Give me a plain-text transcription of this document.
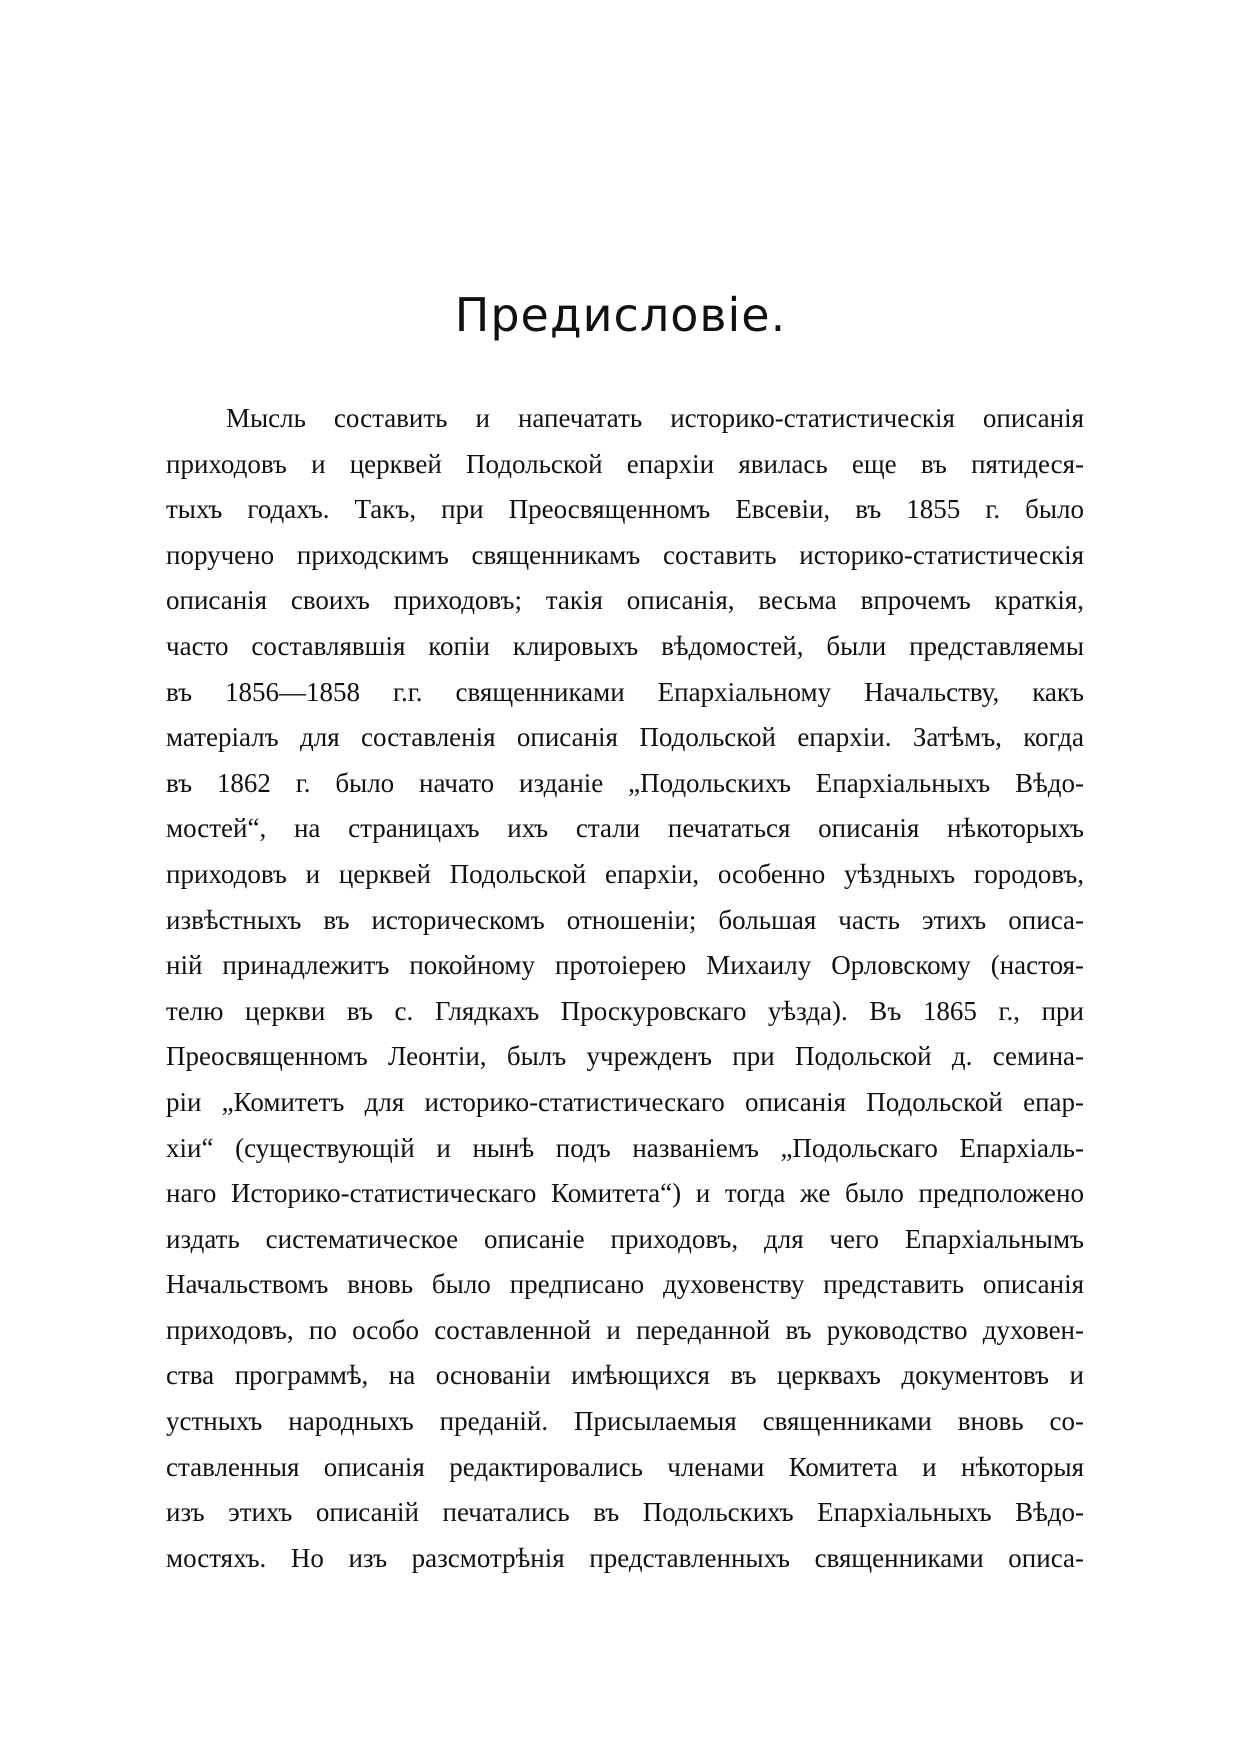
Предисловіе.
Мысль составить и напечатать историко-статистическія описанія
приходовъ и церквей Подольской епархіи явилась еще въ пятидеся-
тыхъ годахъ. Такъ, при Преосвященномъ Евсевіи, въ 1855 г. было
поручено приходскимъ священникамъ составить историко-статистическія
описанія своихъ приходовъ; такія описанія, весьма впрочемъ краткія,
часто составлявшія копіи клировыхъ вѣдомостей, были представляемы
въ 1856—1858 г.г. священниками Епархіальному Начальству, какъ
матеріалъ для составленія описанія Подольской епархіи. Затѣмъ, когда
въ 1862 г. было начато изданіе „Подольскихъ Епархіальныхъ Вѣдо-
мостей“, на страницахъ ихъ стали печататься описанія нѣкоторыхъ
приходовъ и церквей Подольской епархіи, особенно уѣздныхъ городовъ,
извѣстныхъ въ историческомъ отношеніи; большая часть этихъ описа-
ній принадлежитъ покойному протоіерею Михаилу Орловскому (настоя-
телю церкви въ с. Глядкахъ Проскуровскаго уѣзда). Въ 1865 г., при
Преосвященномъ Леонтіи, былъ учрежденъ при Подольской д. семина-
ріи „Комитетъ для историко-статистическаго описанія Подольской епар-
хіи“ (существующій и нынѣ подъ названіемъ „Подольскаго Епархіаль-
наго Историко-статистическаго Комитета“) и тогда же было предположено
издать систематическое описаніе приходовъ, для чего Епархіальнымъ
Начальствомъ вновь было предписано духовенству представить описанія
приходовъ, по особо составленной и переданной въ руководство духовен-
ства программѣ, на основаніи имѣющихся въ церквахъ документовъ и
устныхъ народныхъ преданій. Присылаемыя священниками вновь со-
ставленныя описанія редактировались членами Комитета и нѣкоторыя
изъ этихъ описаній печатались въ Подольскихъ Епархіальныхъ Вѣдо-
мостяхъ. Но изъ разсмотрѣнія представленныхъ священниками описа-
